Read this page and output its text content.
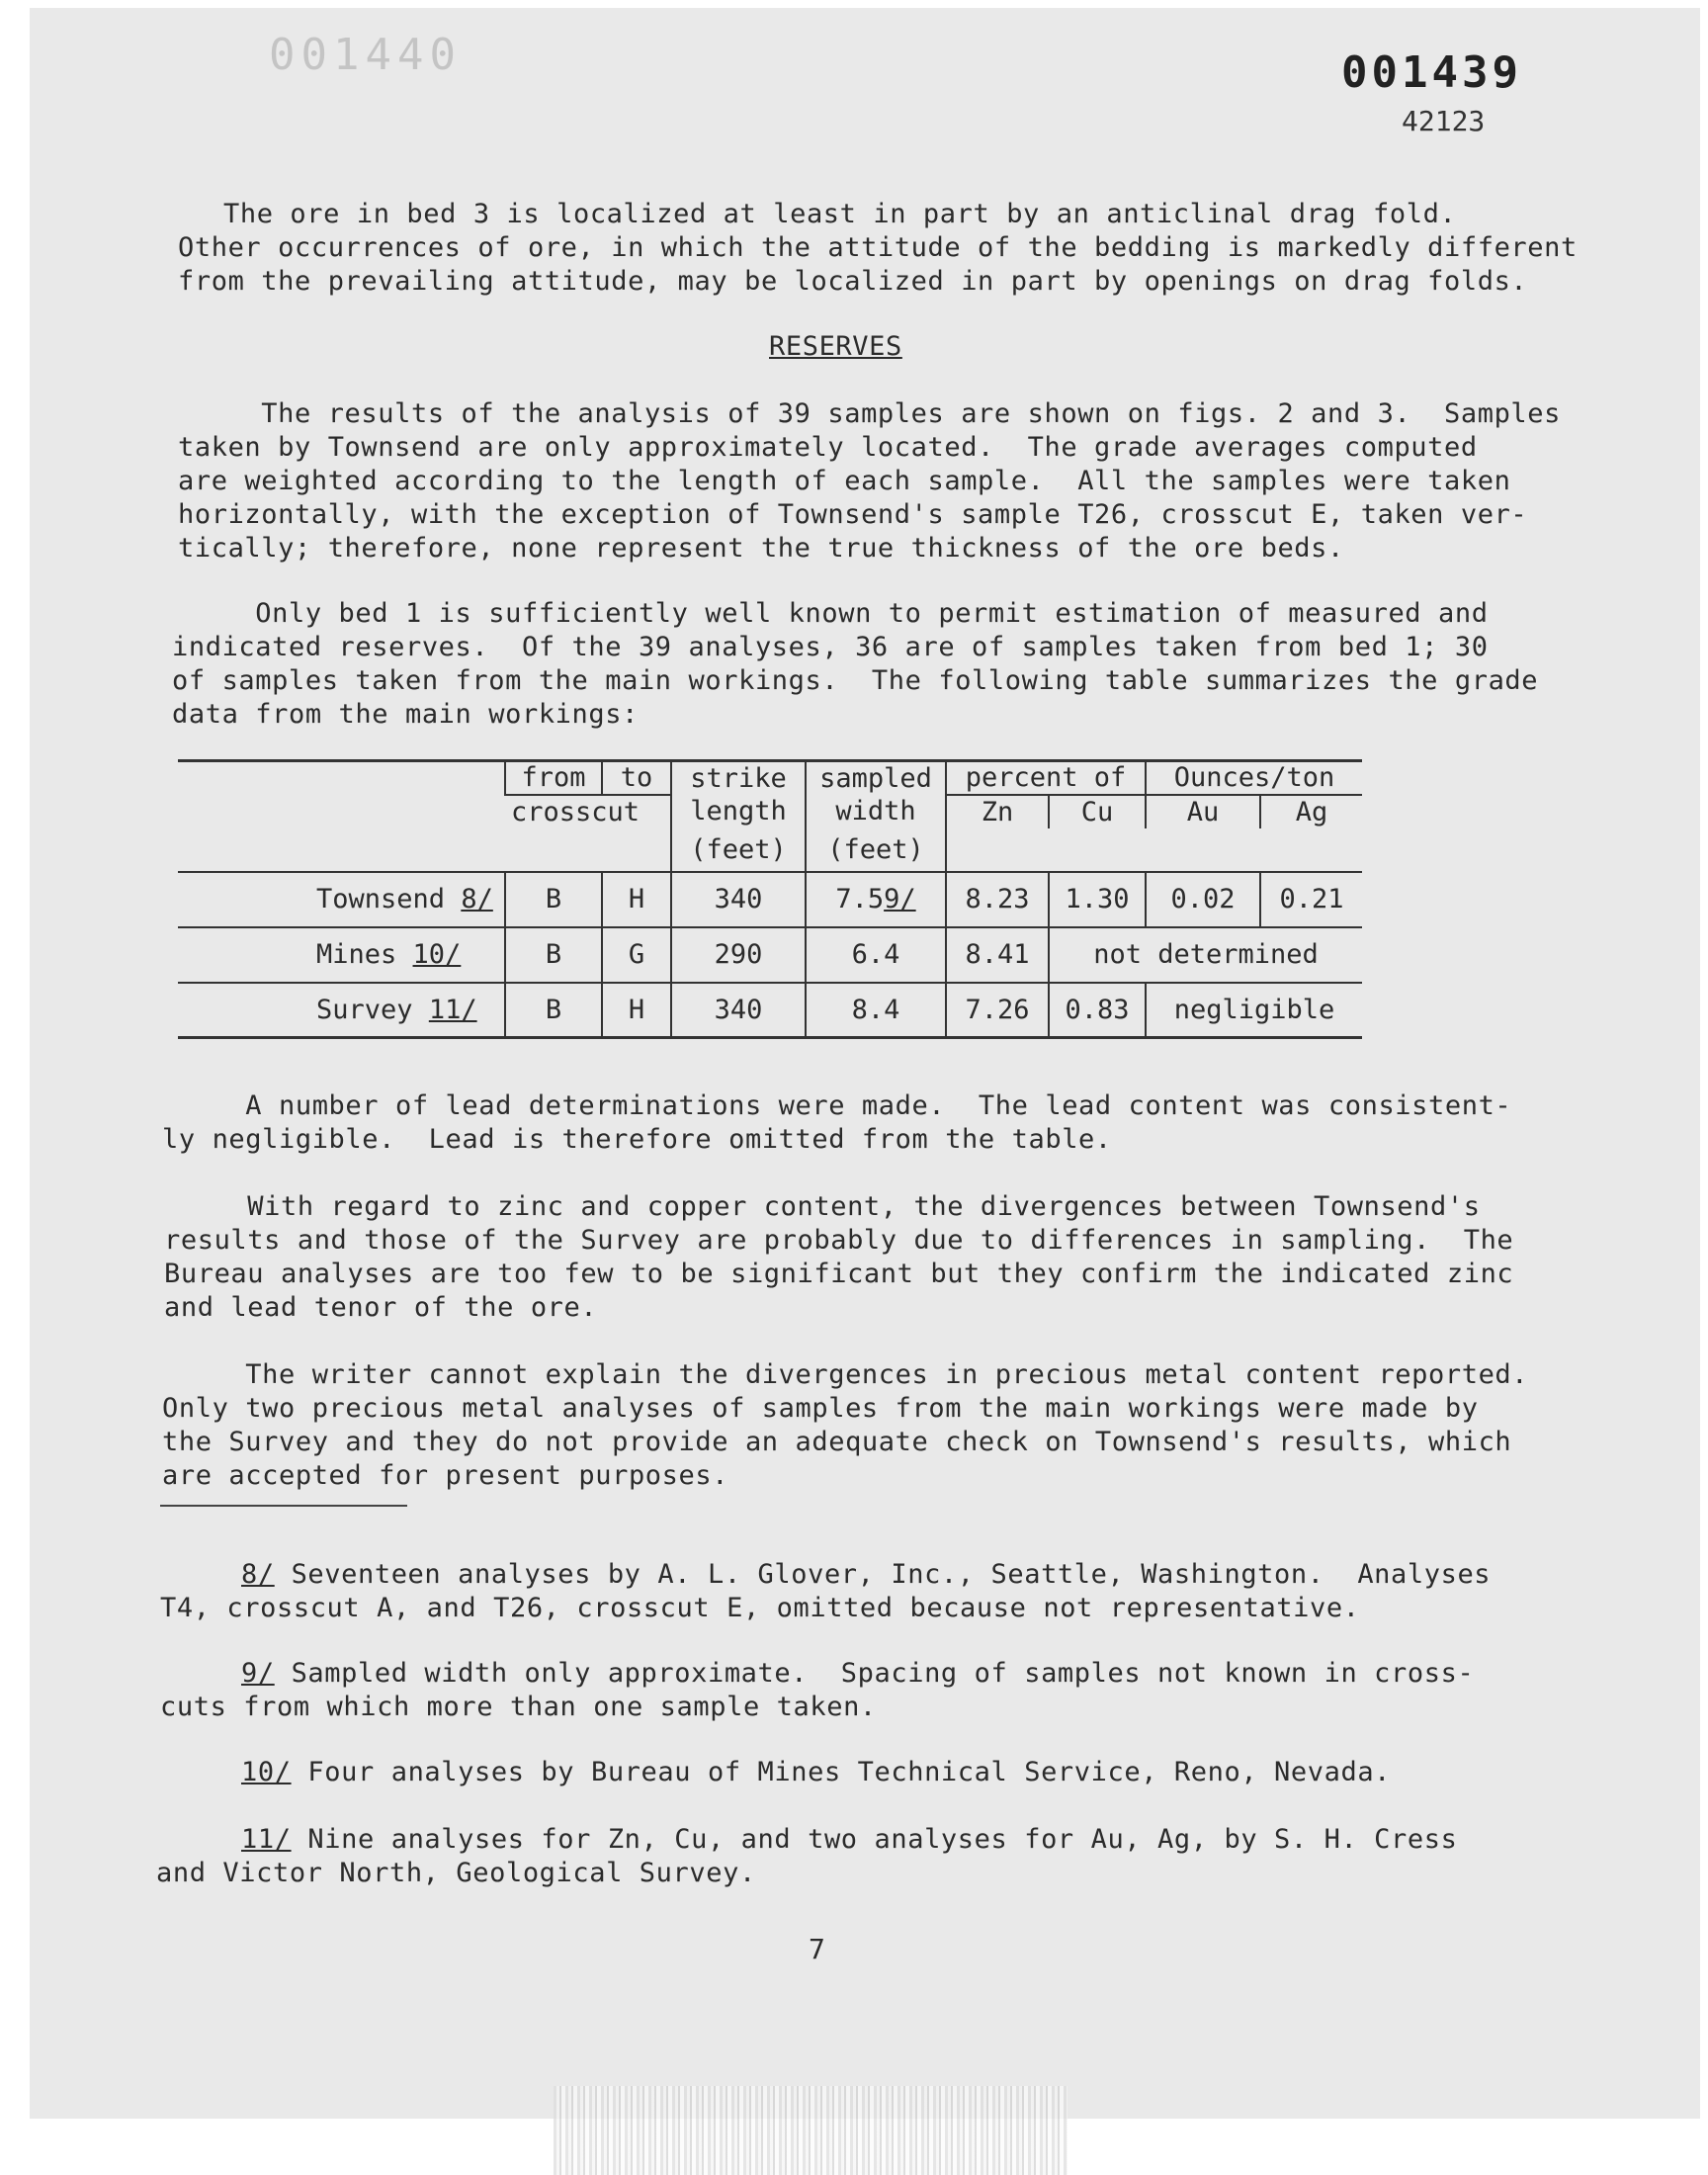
001440	001439
42123
The ore in bed 3 is localized at least in part by an anticlinal drag fold.
Other occurrences of ore, in which the attitude of the bedding is markedly different
from the prevailing attitude, may be localized in part by openings on drag folds.
RESERVES
The results of the analysis of 39 samples are shown on figs. 2 and 3.  Samples
taken by Townsend are only approximately located.  The grade averages computed
are weighted according to the length of each sample.  All the samples were taken
horizontally, with the exception of Townsend's sample T26, crosscut E, taken ver-
tically; therefore, none represent the true thickness of the ore beds.
Only bed 1 is sufficiently well known to permit estimation of measured and
indicated reserves.  Of the 39 analyses, 36 are of samples taken from bed 1; 30
of samples taken from the main workings.  The following table summarizes the grade
data from the main workings:
	from	to	strike	sampled	percent of		Ounces/ton	
	crosscut		length	width	Zn	Cu	Au	Ag
			(feet)	(feet)				
Townsend 8/	B	H	340	7.59/	8.23	1.30	0.02	0.21
Mines 10/	B	G	290	6.4	8.41	not determined		
Survey 11/	B	H	340	8.4	7.26	0.83	negligible	
A number of lead determinations were made.  The lead content was consistent-
ly negligible.  Lead is therefore omitted from the table.
With regard to zinc and copper content, the divergences between Townsend's
results and those of the Survey are probably due to differences in sampling.  The
Bureau analyses are too few to be significant but they confirm the indicated zinc
and lead tenor of the ore.
The writer cannot explain the divergences in precious metal content reported.
Only two precious metal analyses of samples from the main workings were made by
the Survey and they do not provide an adequate check on Townsend's results, which
are accepted for present purposes.
8/ Seventeen analyses by A. L. Glover, Inc., Seattle, Washington.  Analyses
T4, crosscut A, and T26, crosscut E, omitted because not representative.
9/ Sampled width only approximate.  Spacing of samples not known in cross-
cuts from which more than one sample taken.
10/ Four analyses by Bureau of Mines Technical Service, Reno, Nevada.
11/ Nine analyses for Zn, Cu, and two analyses for Au, Ag, by S. H. Cress
and Victor North, Geological Survey.
7
